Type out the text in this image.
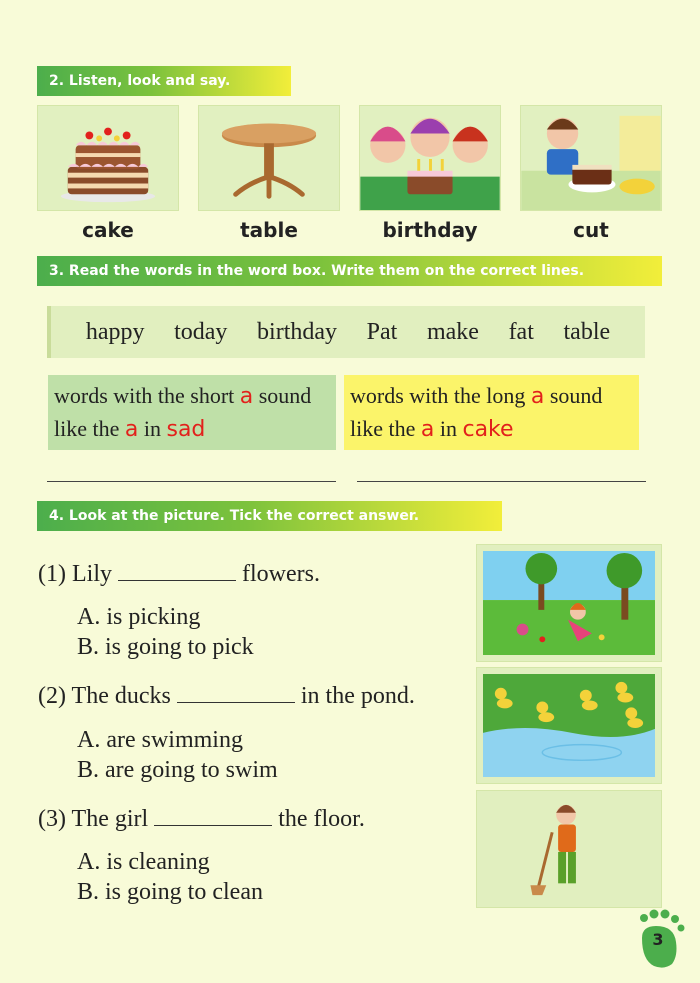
2. Listen, look and say.
cake	table	birthday	cut
3. Read the words in the word box. Write them on the correct lines.
happy today birthday Pat make fat table
words with the short a sound
like the a in sad
words with the long a sound
like the a in cake
4. Look at the picture. Tick the correct answer.
(1) Lily	flowers.
A. is picking
B. is going to pick
(2) The ducks	in the pond.
A. are swimming
B. are going to swim
(3) The girl	the floor.
A. is cleaning
B. is going to clean
3
